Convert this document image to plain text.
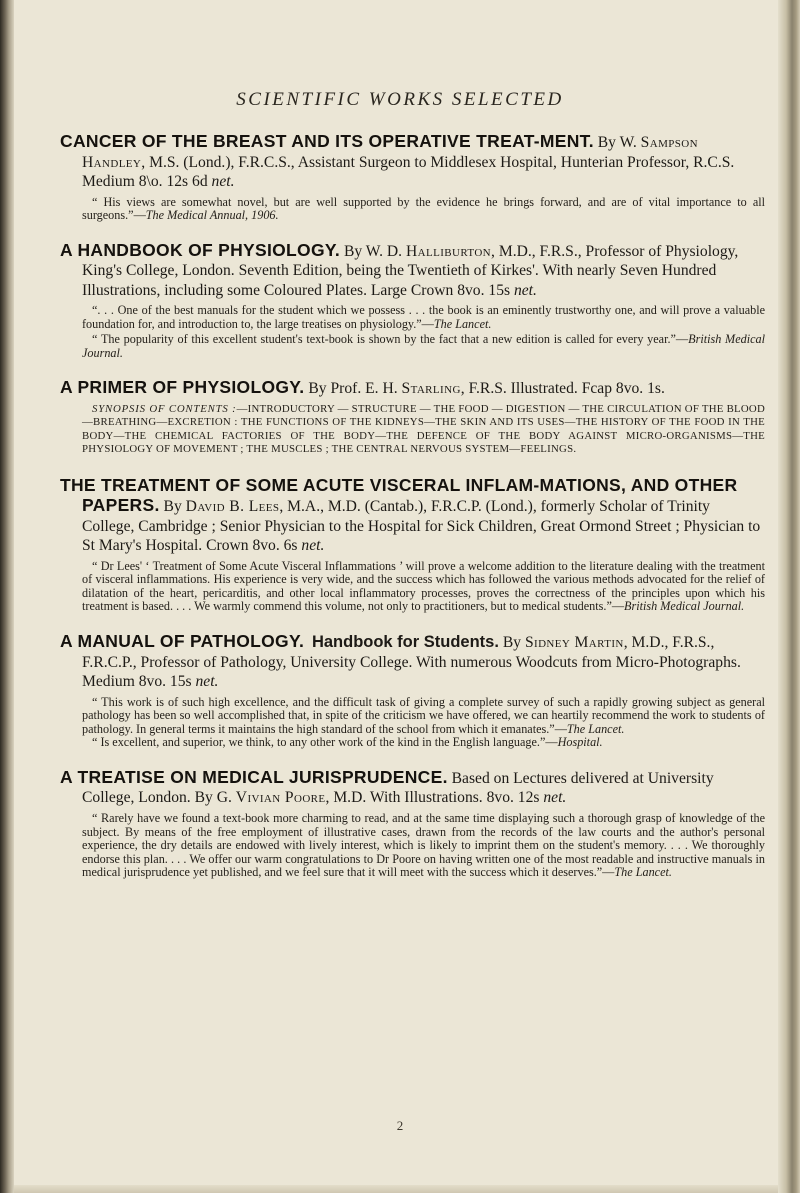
SCIENTIFIC WORKS SELECTED
CANCER OF THE BREAST AND ITS OPERATIVE TREAT-MENT. By W. Sampson Handley, M.S. (Lond.), F.R.C.S., Assistant Surgeon to Middlesex Hospital, Hunterian Professor, R.C.S. Medium 8\o. 12s 6d net.

“ His views are somewhat novel, but are well supported by the evidence he brings forward, and are of vital importance to all surgeons.”—The Medical Annual, 1906.

A HANDBOOK OF PHYSIOLOGY. By W. D. Halliburton, M.D., F.R.S., Professor of Physiology, King's College, London. Seventh Edition, being the Twentieth of Kirkes'. With nearly Seven Hundred Illustrations, including some Coloured Plates. Large Crown 8vo. 15s net.

“. . . One of the best manuals for the student which we possess . . . the book is an eminently trustworthy one, and will prove a valuable foundation for, and introduction to, the large treatises on physiology.”—The Lancet.

“ The popularity of this excellent student's text-book is shown by the fact that a new edition is called for every year.”—British Medical Journal.

A PRIMER OF PHYSIOLOGY. By Prof. E. H. Starling, F.R.S. Illustrated. Fcap 8vo. 1s.

SYNOPSIS OF CONTENTS :—INTRODUCTORY — STRUCTURE — THE FOOD — DIGESTION — THE CIRCULATION OF THE BLOOD—BREATHING—EXCRETION : THE FUNCTIONS OF THE KIDNEYS—THE SKIN AND ITS USES—THE HISTORY OF THE FOOD IN THE BODY—THE CHEMICAL FACTORIES OF THE BODY—THE DEFENCE OF THE BODY AGAINST MICRO-ORGANISMS—THE PHYSIOLOGY OF MOVEMENT ; THE MUSCLES ; THE CENTRAL NERVOUS SYSTEM—FEELINGS.

THE TREATMENT OF SOME ACUTE VISCERAL INFLAM-MATIONS, AND OTHER PAPERS. By David B. Lees, M.A., M.D. (Cantab.), F.R.C.P. (Lond.), formerly Scholar of Trinity College, Cambridge ; Senior Physician to the Hospital for Sick Children, Great Ormond Street ; Physician to St Mary's Hospital. Crown 8vo. 6s net.

“ Dr Lees' ‘ Treatment of Some Acute Visceral Inflammations ’ will prove a welcome addition to the literature dealing with the treatment of visceral inflammations. His experience is very wide, and the success which has followed the various methods advocated for the relief of dilatation of the heart, pericarditis, and other local inflammatory processes, proves the correctness of the principles upon which his treatment is based. . . . We warmly commend this volume, not only to practitioners, but to medical students.”—British Medical Journal.

A MANUAL OF PATHOLOGY. Handbook for Students. By Sidney Martin, M.D., F.R.S., F.R.C.P., Professor of Pathology, University College. With numerous Woodcuts from Micro-Photographs. Medium 8vo. 15s net.

“ This work is of such high excellence, and the difficult task of giving a complete survey of such a rapidly growing subject as general pathology has been so well accomplished that, in spite of the criticism we have offered, we can heartily recommend the work to students of pathology. In general terms it maintains the high standard of the school from which it emanates.”—The Lancet.

“ Is excellent, and superior, we think, to any other work of the kind in the English language.”—Hospital.

A TREATISE ON MEDICAL JURISPRUDENCE. Based on Lectures delivered at University College, London. By G. Vivian Poore, M.D. With Illustrations. 8vo. 12s net.

“ Rarely have we found a text-book more charming to read, and at the same time displaying such a thorough grasp of knowledge of the subject. By means of the free employment of illustrative cases, drawn from the records of the law courts and the author's personal experience, the dry details are endowed with lively interest, which is likely to imprint them on the student's memory. . . . We thoroughly endorse this plan. . . . We offer our warm congratulations to Dr Poore on having written one of the most readable and instructive manuals in medical jurisprudence yet published, and we feel sure that it will meet with the success which it deserves.”—The Lancet.

2
